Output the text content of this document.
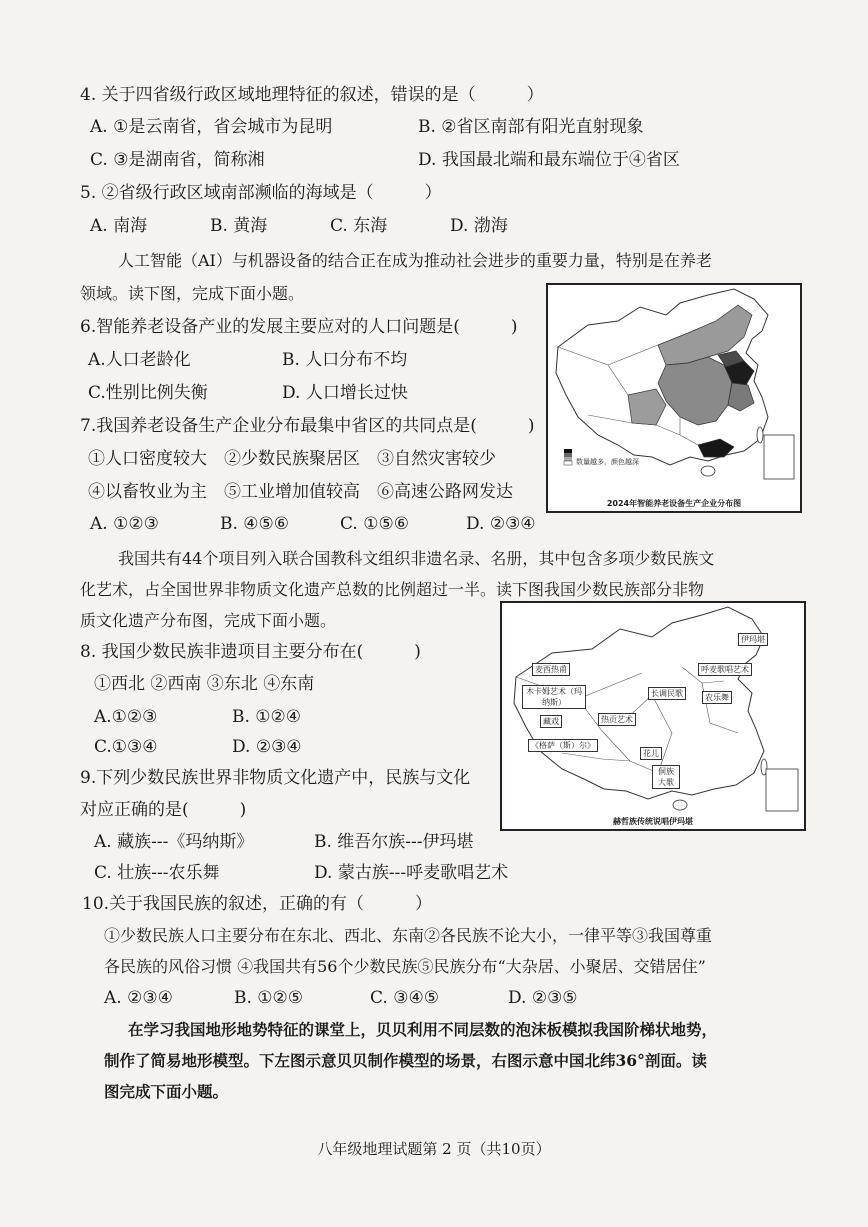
4. 关于四省级行政区域地理特征的叙述，错误的是（　　　）
A. ①是云南省，省会城市为昆明	B. ②省区南部有阳光直射现象
C. ③是湖南省，简称湘	D. 我国最北端和最东端位于④省区
5. ②省级行政区域南部濒临的海域是（　　　）
A. 南海	B. 黄海	C. 东海	D. 渤海
人工智能（AI）与机器设备的结合正在成为推动社会进步的重要力量，特别是在养老
领域。读下图，完成下面小题。
数量越多，颜色越深
2024年智能养老设备生产企业分布图
6.智能养老设备产业的发展主要应对的人口问题是(　　　)
A.人口老龄化	B. 人口分布不均
C.性别比例失衡	D. 人口增长过快
7.我国养老设备生产企业分布最集中省区的共同点是(　　　)
①人口密度较大　②少数民族聚居区　③自然灾害较少
④以畜牧业为主　⑤工业增加值较高　⑥高速公路网发达
A. ①②③	B. ④⑤⑥	C. ①⑤⑥	D. ②③④
我国共有44个项目列入联合国教科文组织非遗名录、名册，其中包含多项少数民族文
化艺术，占全国世界非物质文化遗产总数的比例超过一半。读下图我国少数民族部分非物
质文化遗产分布图，完成下面小题。
麦西热甫
木卡姆艺术（玛纳斯）
藏戏
《格萨（斯）尔》
热贡艺术
花儿
呼麦歌唱艺术
长调民歌
伊玛堪
农乐舞
侗族大歌
赫哲族传统说唱伊玛堪
8. 我国少数民族非遗项目主要分布在(　　　)
①西北 ②西南 ③东北 ④东南
A.①②③	B. ①②④
C.①③④	D. ②③④
9.下列少数民族世界非物质文化遗产中，民族与文化
对应正确的是(　　　)
A. 藏族---《玛纳斯》	B. 维吾尔族---伊玛堪
C. 壮族---农乐舞	D. 蒙古族---呼麦歌唱艺术
10.关于我国民族的叙述，正确的有（　　　）
①少数民族人口主要分布在东北、西北、东南②各民族不论大小，一律平等③我国尊重
各民族的风俗习惯 ④我国共有56个少数民族⑤民族分布“大杂居、小聚居、交错居住”
A. ②③④	B. ①②⑤	C. ③④⑤	D. ②③⑤
在学习我国地形地势特征的课堂上，贝贝利用不同层数的泡沫板模拟我国阶梯状地势，
制作了简易地形模型。下左图示意贝贝制作模型的场景，右图示意中国北纬36°剖面。读
图完成下面小题。
八年级地理试题第 2 页（共10页）
